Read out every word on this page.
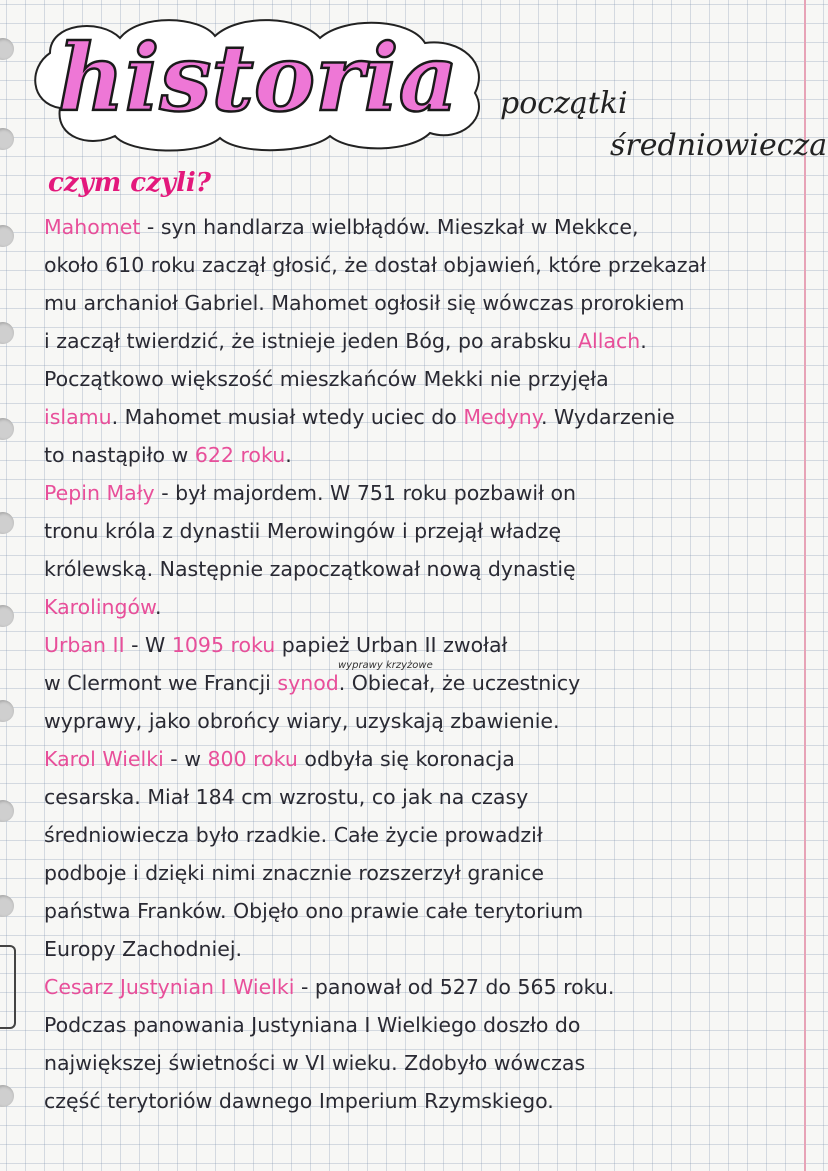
historia początki
średniowiecza
czym czyli?
wyprawy krzyżowe
Mahomet - syn handlarza wielbłądów. Mieszkał w Mekkce,
około 610 roku zaczął głosić, że dostał objawień, które przekazał
mu archanioł Gabriel. Mahomet ogłosił się wówczas prorokiem
i zaczął twierdzić, że istnieje jeden Bóg, po arabsku Allach.
Początkowo większość mieszkańców Mekki nie przyjęła
islamu. Mahomet musiał wtedy uciec do Medyny. Wydarzenie
to nastąpiło w 622 roku.
Pepin Mały - był majordem. W 751 roku pozbawił on
tronu króla z dynastii Merowingów i przejął władzę
królewską. Następnie zapoczątkował nową dynastię
Karolingów.
Urban II - W 1095 roku papież Urban II zwołał
w Clermont we Francji synod. Obiecał, że uczestnicy
wyprawy, jako obrońcy wiary, uzyskają zbawienie.
Karol Wielki - w 800 roku odbyła się koronacja
cesarska. Miał 184 cm wzrostu, co jak na czasy
średniowiecza było rzadkie. Całe życie prowadził
podboje i dzięki nimi znacznie rozszerzył granice
państwa Franków. Objęło ono prawie całe terytorium
Europy Zachodniej.
Cesarz Justynian I Wielki - panował od 527 do 565 roku.
Podczas panowania Justyniana I Wielkiego doszło do
największej świetności w VI wieku. Zdobyło wówczas
część terytoriów dawnego Imperium Rzymskiego.
